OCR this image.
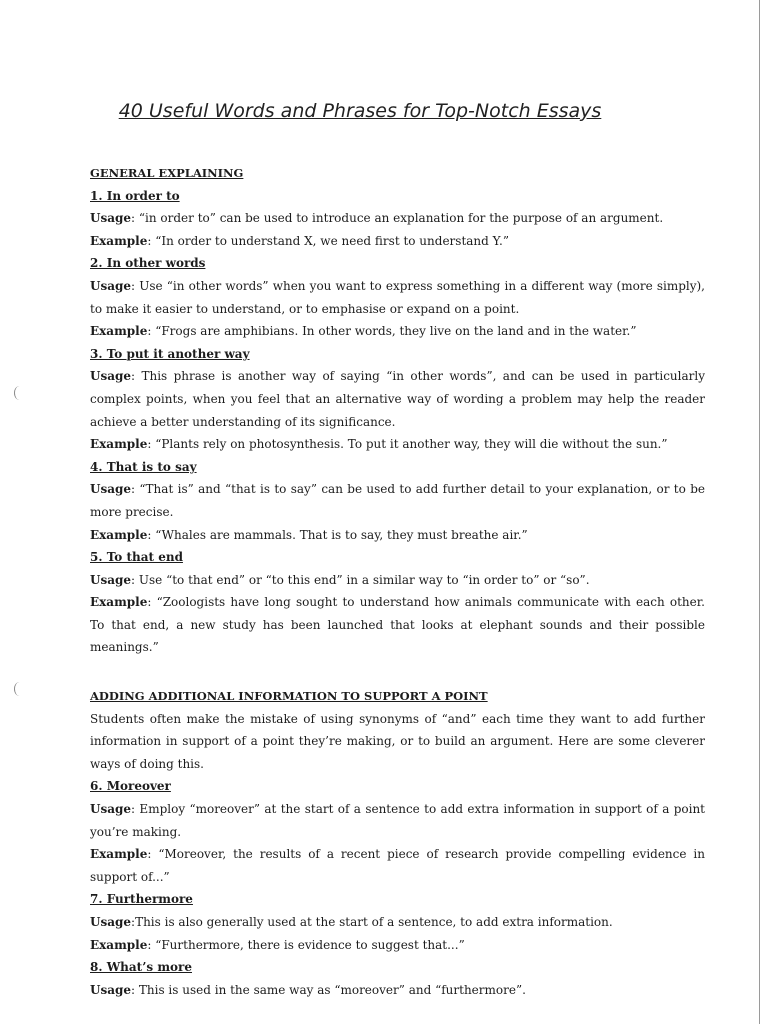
40 Useful Words and Phrases for Top-Notch Essays
GENERAL EXPLAINING
1. In order to

Usage: “in order to” can be used to introduce an explanation for the purpose of an argument.

Example: “In order to understand X, we need first to understand Y.”

2. In other words

Usage: Use “in other words” when you want to express something in a different way (more simply), to make it easier to understand, or to emphasise or expand on a point.

Example: “Frogs are amphibians. In other words, they live on the land and in the water.”

3. To put it another way

Usage: This phrase is another way of saying “in other words”, and can be used in particularly complex points, when you feel that an alternative way of wording a problem may help the reader achieve a better understanding of its significance.

Example: “Plants rely on photosynthesis. To put it another way, they will die without the sun.”

4. That is to say

Usage: “That is” and “that is to say” can be used to add further detail to your explanation, or to be more precise.

Example: “Whales are mammals. That is to say, they must breathe air.”

5. To that end

Usage: Use “to that end” or “to this end” in a similar way to “in order to” or “so”.

Example: “Zoologists have long sought to understand how animals communicate with each other. To that end, a new study has been launched that looks at elephant sounds and their possible meanings.”

ADDING ADDITIONAL INFORMATION TO SUPPORT A POINT

Students often make the mistake of using synonyms of “and” each time they want to add further information in support of a point they’re making, or to build an argument. Here are some cleverer ways of doing this.

6. Moreover

Usage: Employ “moreover” at the start of a sentence to add extra information in support of a point you’re making.

Example: “Moreover, the results of a recent piece of research provide compelling evidence in support of...”

7. Furthermore

Usage:This is also generally used at the start of a sentence, to add extra information.

Example: “Furthermore, there is evidence to suggest that...”

8. What’s more

Usage: This is used in the same way as “moreover” and “furthermore”.
